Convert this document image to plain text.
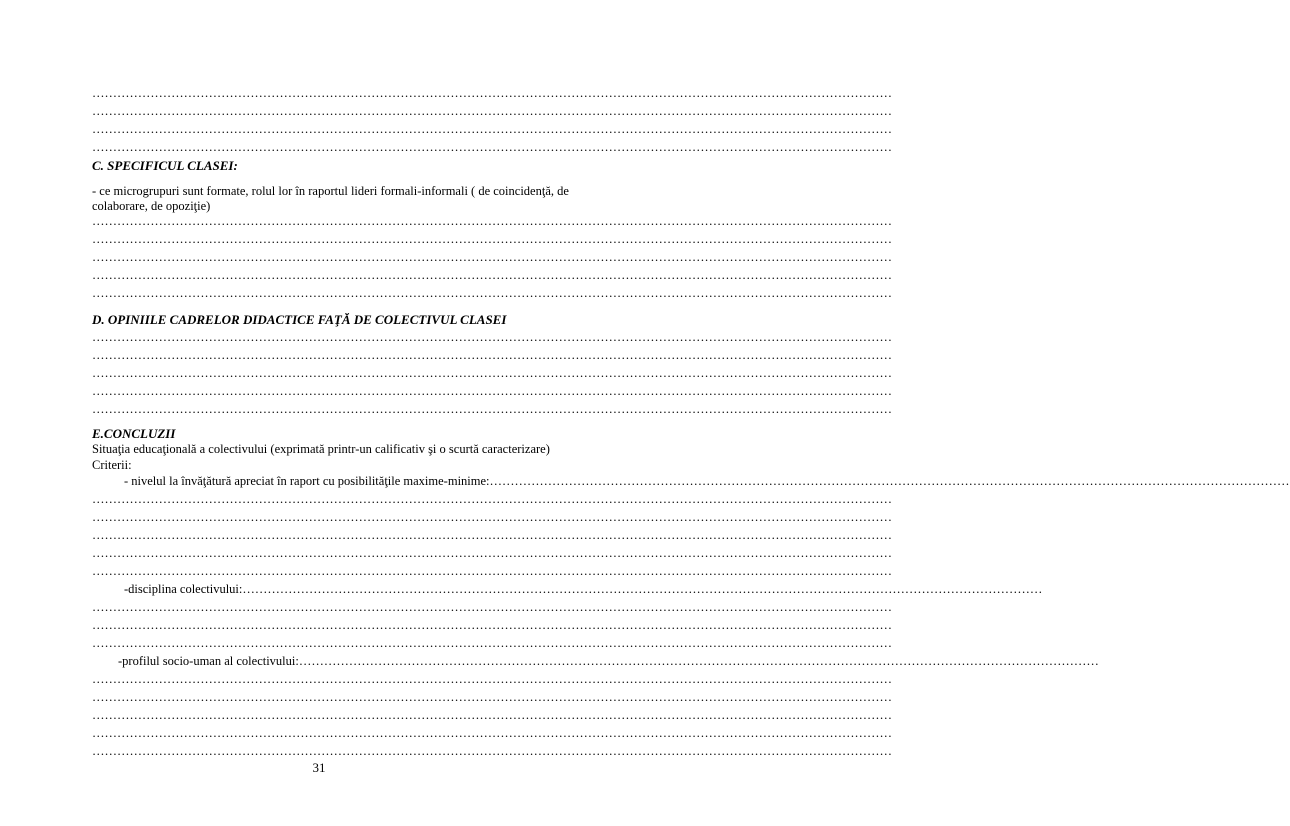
…………………………………………………………………………………………………………………………………………………………………………
…………………………………………………………………………………………………………………………………………………………………………
…………………………………………………………………………………………………………………………………………………………………………
…………………………………………………………………………………………………………………………………………………………………………
C. SPECIFICUL CLASEI:
- ce microgrupuri sunt formate, rolul lor în raportul lideri formali-informali ( de coincidenţă, de colaborare, de opoziţie)
…………………………………………………………………………………………………………………………………………………………………………
…………………………………………………………………………………………………………………………………………………………………………
…………………………………………………………………………………………………………………………………………………………………………
…………………………………………………………………………………………………………………………………………………………………………
…………………………………………………………………………………………………………………………………………………………………………
D. OPINIILE CADRELOR DIDACTICE FAŢĂ DE COLECTIVUL CLASEI
…………………………………………………………………………………………………………………………………………………………………………
…………………………………………………………………………………………………………………………………………………………………………
…………………………………………………………………………………………………………………………………………………………………………
…………………………………………………………………………………………………………………………………………………………………………
…………………………………………………………………………………………………………………………………………………………………………
E.CONCLUZII
Situaţia educaţională a colectivului (exprimată printr-un calificativ şi o scurtă caracterizare)
Criterii:
- nivelul la învăţătură apreciat în raport cu posibilităţile maxime-minime:…………………………………………………………………………………………………………………………………………………………………………
…………………………………………………………………………………………………………………………………………………………………………
…………………………………………………………………………………………………………………………………………………………………………
…………………………………………………………………………………………………………………………………………………………………………
…………………………………………………………………………………………………………………………………………………………………………
…………………………………………………………………………………………………………………………………………………………………………
-disciplina colectivului:…………………………………………………………………………………………………………………………………………………………………………
…………………………………………………………………………………………………………………………………………………………………………
…………………………………………………………………………………………………………………………………………………………………………
…………………………………………………………………………………………………………………………………………………………………………
-profilul socio-uman al colectivului:…………………………………………………………………………………………………………………………………………………………………………
…………………………………………………………………………………………………………………………………………………………………………
…………………………………………………………………………………………………………………………………………………………………………
…………………………………………………………………………………………………………………………………………………………………………
…………………………………………………………………………………………………………………………………………………………………………
…………………………………………………………………………………………………………………………………………………………………………
31
